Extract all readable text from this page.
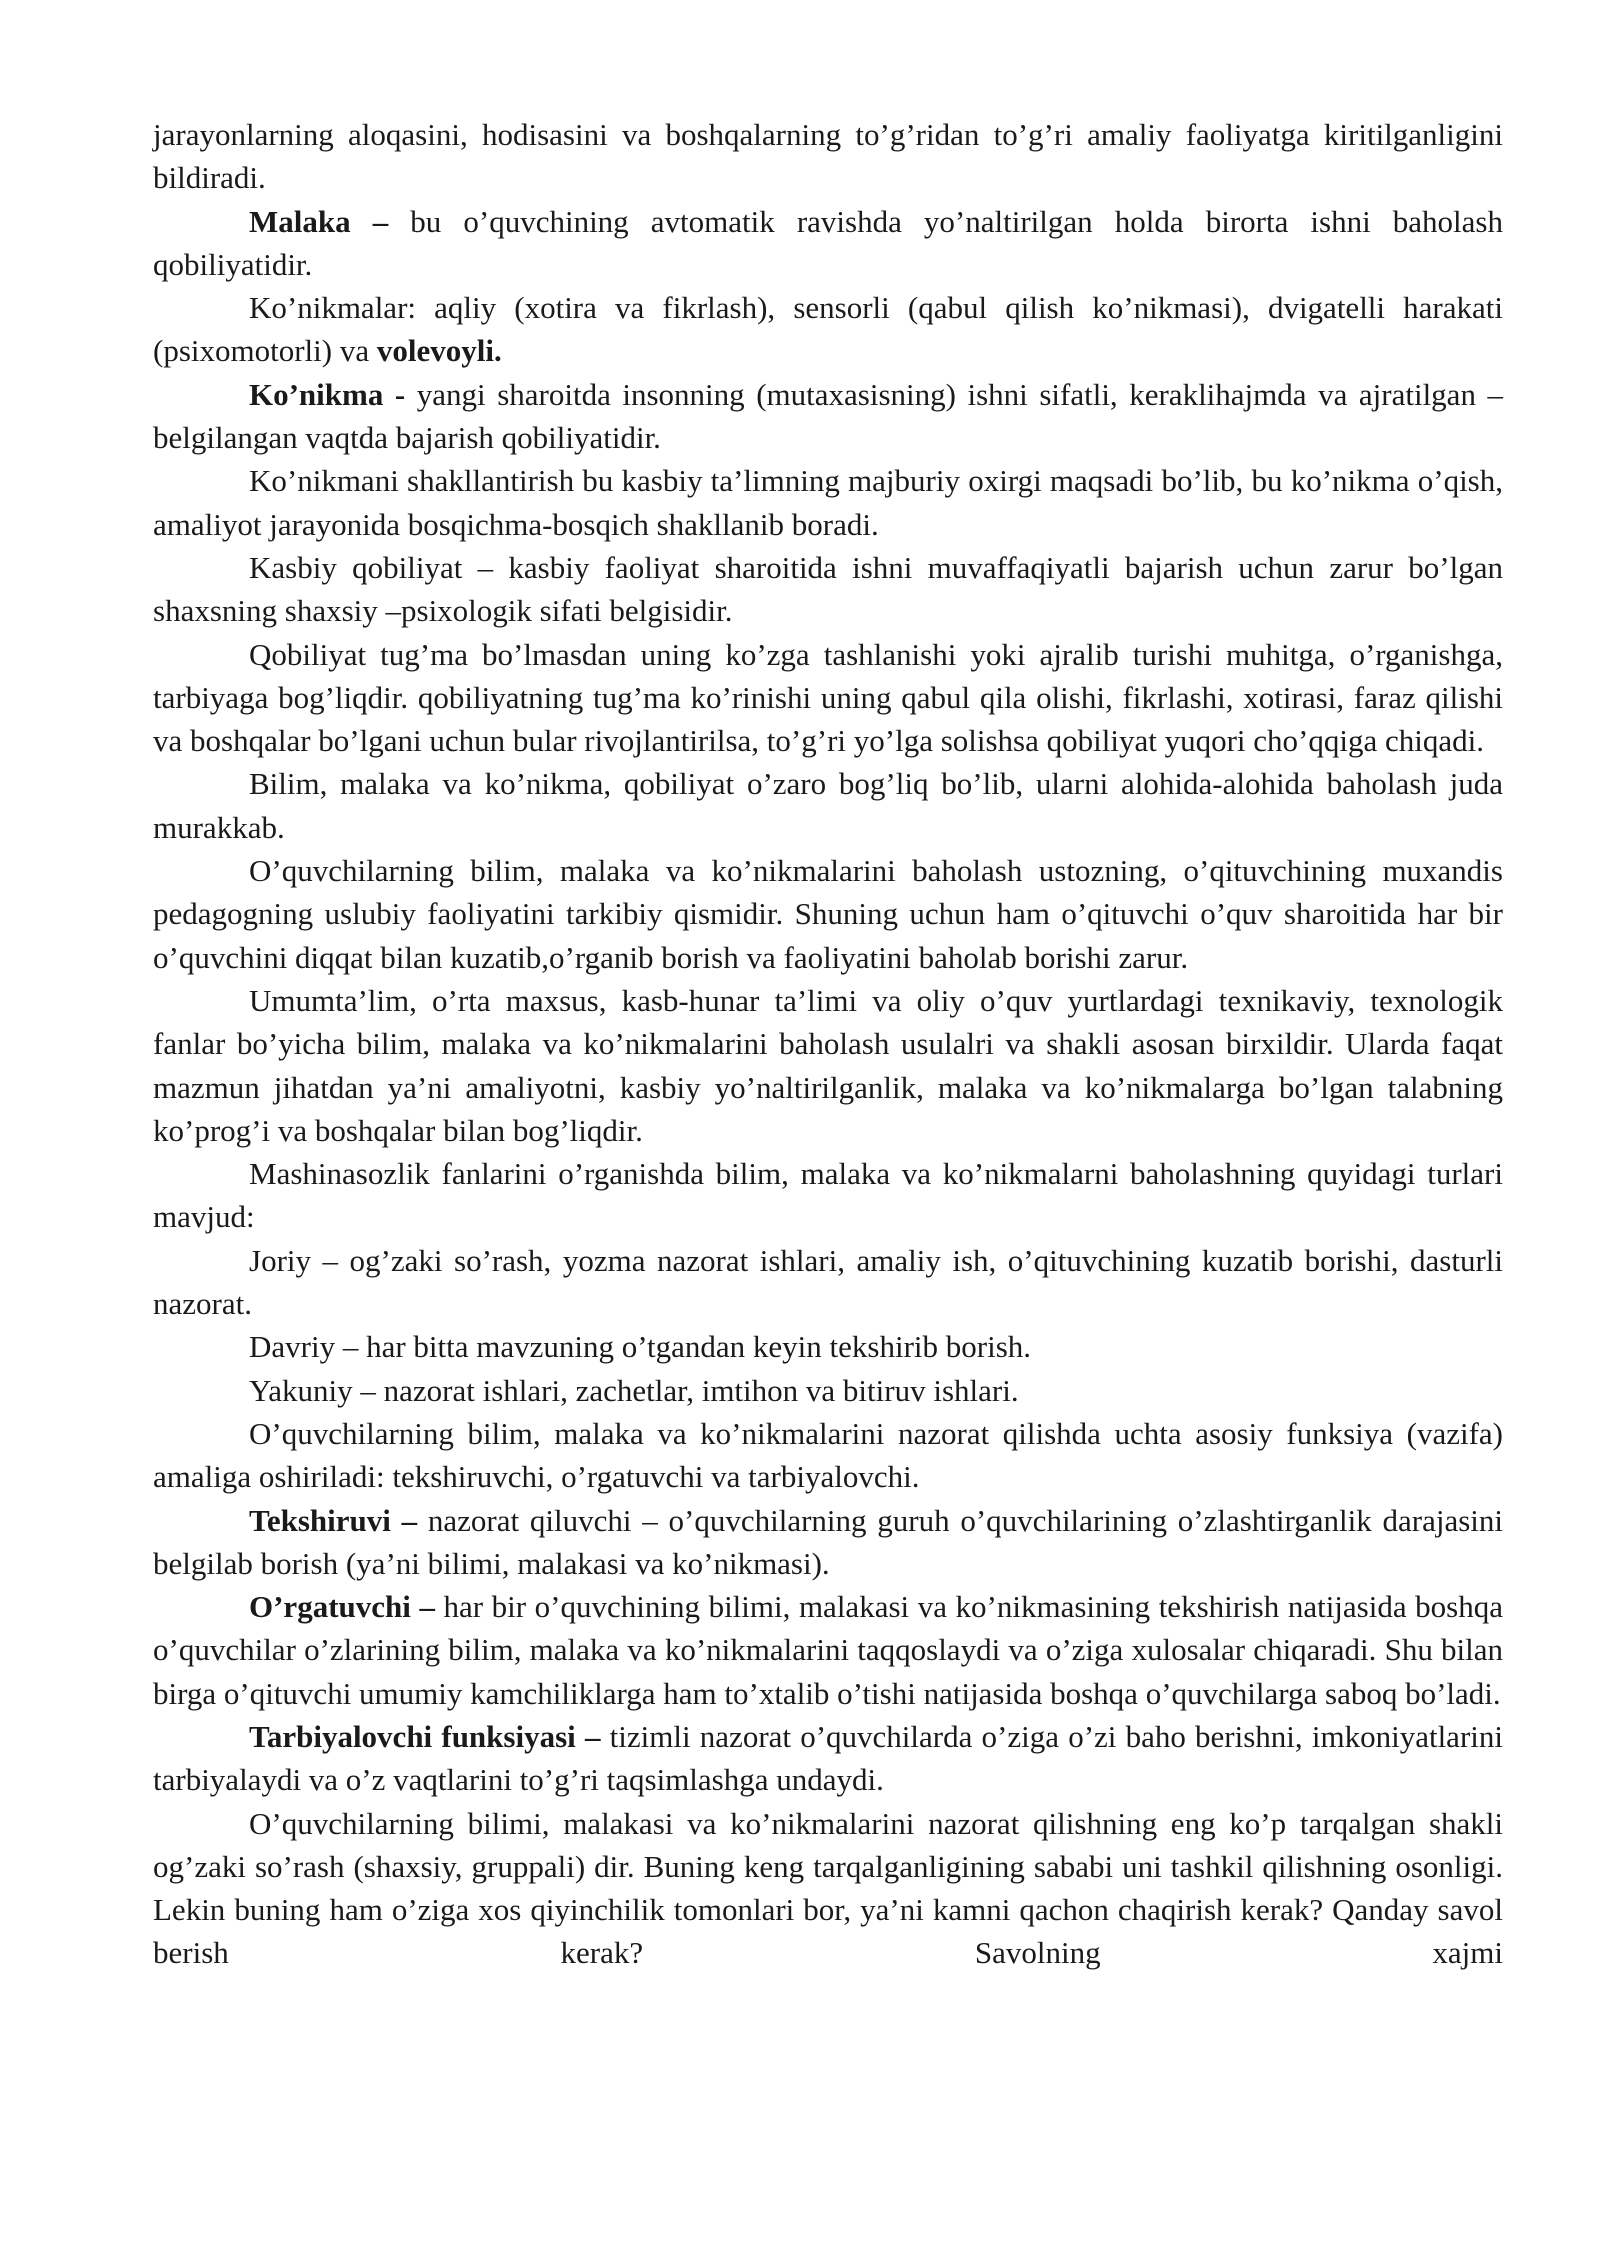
jarayonlarning aloqasini, hodisasini va boshqalarning to’g’ridan to’g’ri amaliy faoliyatga kiritilganligini bildiradi.

Malaka – bu o’quvchining avtomatik ravishda yo’naltirilgan holda birorta ishni baholash qobiliyatidir.

Ko’nikmalar: aqliy (xotira va fikrlash), sensorli (qabul qilish ko’nikmasi), dvigatelli harakati (psixomotorli) va volevoyli.

Ko’nikma - yangi sharoitda insonning (mutaxasisning) ishni sifatli, keraklihajmda va ajratilgan – belgilangan vaqtda bajarish qobiliyatidir.

Ko’nikmani shakllantirish bu kasbiy ta’limning majburiy oxirgi maqsadi bo’lib, bu ko’nikma o’qish, amaliyot jarayonida bosqichma-bosqich shakllanib boradi.

Kasbiy qobiliyat – kasbiy faoliyat sharoitida ishni muvaffaqiyatli bajarish uchun zarur bo’lgan shaxsning shaxsiy –psixologik sifati belgisidir.

Qobiliyat tug’ma bo’lmasdan uning ko’zga tashlanishi yoki ajralib turishi muhitga, o’rganishga, tarbiyaga bog’liqdir. qobiliyatning tug’ma ko’rinishi uning qabul qila olishi, fikrlashi, xotirasi, faraz qilishi va boshqalar bo’lgani uchun bular rivojlantirilsa, to’g’ri yo’lga solishsa qobiliyat yuqori cho’qqiga chiqadi.

Bilim, malaka va ko’nikma, qobiliyat o’zaro bog’liq bo’lib, ularni alohida-alohida baholash juda murakkab.

O’quvchilarning bilim, malaka va ko’nikmalarini baholash ustozning, o’qituvchining muxandis pedagogning uslubiy faoliyatini tarkibiy qismidir. Shuning uchun ham o’qituvchi o’quv sharoitida har bir o’quvchini diqqat bilan kuzatib,o’rganib borish va faoliyatini baholab borishi zarur.

Umumta’lim, o’rta maxsus, kasb-hunar ta’limi va oliy o’quv yurtlardagi texnikaviy, texnologik fanlar bo’yicha bilim, malaka va ko’nikmalarini baholash usulalri va shakli asosan birxildir. Ularda faqat mazmun jihatdan ya’ni amaliyotni, kasbiy yo’naltirilganlik, malaka va ko’nikmalarga bo’lgan talabning ko’prog’i va boshqalar bilan bog’liqdir.

Mashinasozlik fanlarini o’rganishda bilim, malaka va ko’nikmalarni baholashning quyidagi turlari mavjud:

Joriy – og’zaki so’rash, yozma nazorat ishlari, amaliy ish, o’qituvchining kuzatib borishi, dasturli nazorat.

Davriy – har bitta mavzuning o’tgandan keyin tekshirib borish.

Yakuniy – nazorat ishlari, zachetlar, imtihon va bitiruv ishlari.

O’quvchilarning bilim, malaka va ko’nikmalarini nazorat qilishda uchta asosiy funksiya (vazifa) amaliga oshiriladi: tekshiruvchi, o’rgatuvchi va tarbiyalovchi.

Tekshiruvi – nazorat qiluvchi – o’quvchilarning guruh o’quvchilarining o’zlashtirganlik darajasini belgilab borish (ya’ni bilimi, malakasi va ko’nikmasi).

O’rgatuvchi – har bir o’quvchining bilimi, malakasi va ko’nikmasining tekshirish natijasida boshqa o’quvchilar o’zlarining bilim, malaka va ko’nikmalarini taqqoslaydi va o’ziga xulosalar chiqaradi. Shu bilan birga o’qituvchi umumiy kamchiliklarga ham to’xtalib o’tishi natijasida boshqa o’quvchilarga saboq bo’ladi.

Tarbiyalovchi funksiyasi – tizimli nazorat o’quvchilarda o’ziga o’zi baho berishni, imkoniyatlarini tarbiyalaydi va o’z vaqtlarini to’g’ri taqsimlashga undaydi.

O’quvchilarning bilimi, malakasi va ko’nikmalarini nazorat qilishning eng ko’p tarqalgan shakli og’zaki so’rash (shaxsiy, gruppali) dir. Buning keng tarqalganligining sababi uni tashkil qilishning osonligi. Lekin buning ham o’ziga xos qiyinchilik tomonlari bor, ya’ni kamni qachon chaqirish kerak? Qanday savol berish kerak? Savolning xajmi
